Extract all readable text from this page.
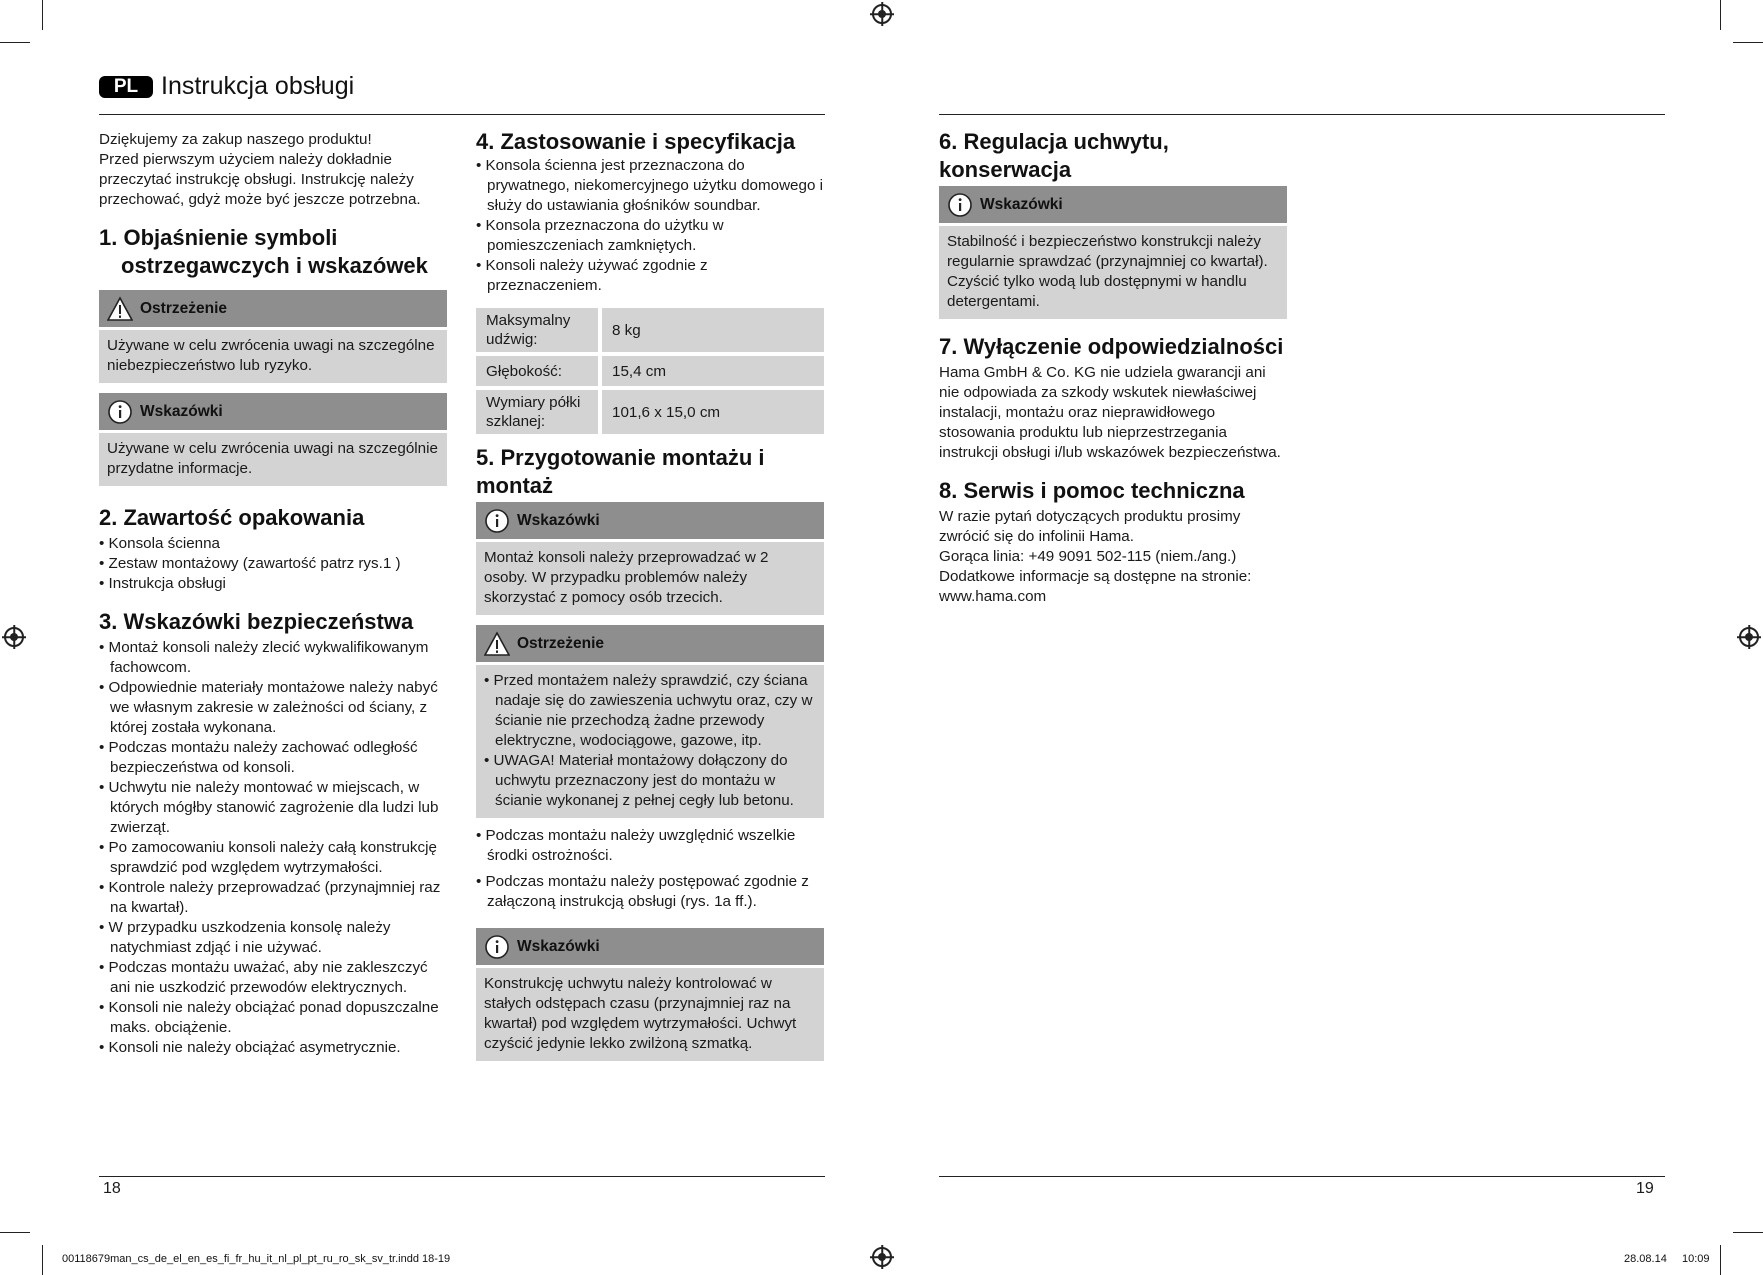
PL Instrukcja obsługi

Dziękujemy za zakup naszego produktu!

Przed pierwszym użyciem należy dokładnie przeczytać instrukcję obsługi. Instrukcję należy przechować, gdyż może być jeszcze potrzebna.

1. Objaśnienie symboli
ostrzegawczych i wskazówek
Ostrzeżenie
Używane w celu zwrócenia uwagi na szczególne niebezpieczeństwo lub ryzyko.
Wskazówki
Używane w celu zwrócenia uwagi na szczególnie przydatne informacje.
2. Zawartość opakowania
• Konsola ścienna
• Zestaw montażowy (zawartość patrz rys.1 )
• Instrukcja obsługi
3. Wskazówki bezpieczeństwa
• Montaż konsoli należy zlecić wykwalifikowanym fachowcom.
• Odpowiednie materiały montażowe należy nabyć we własnym zakresie w zależności od ściany, z której została wykonana.
• Podczas montażu należy zachować odległość bezpieczeństwa od konsoli.
• Uchwytu nie należy montować w miejscach, w których mógłby stanowić zagrożenie dla ludzi lub zwierząt.
• Po zamocowaniu konsoli należy całą konstrukcję sprawdzić pod względem wytrzymałości.
• Kontrole należy przeprowadzać (przynajmniej raz na kwartał).
• W przypadku uszkodzenia konsolę należy natychmiast zdjąć i nie używać.
• Podczas montażu uważać, aby nie zakleszczyć ani nie uszkodzić przewodów elektrycznych.
• Konsoli nie należy obciążać ponad dopuszczalne maks. obciążenie.
• Konsoli nie należy obciążać asymetrycznie.
4. Zastosowanie i specyfikacja
• Konsola ścienna jest przeznaczona do prywatnego, niekomercyjnego użytku domowego i służy do ustawiania głośników soundbar.
• Konsola przeznaczona do użytku w pomieszczeniach zamkniętych.
• Konsoli należy używać zgodnie z przeznaczeniem.
Maksymalny udźwig:	8 kg
Głębokość:	15,4 cm
Wymiary półki szklanej:	101,6 x 15,0 cm
5. Przygotowanie montażu i montaż
Wskazówki
Montaż konsoli należy przeprowadzać w 2 osoby. W przypadku problemów należy skorzystać z pomocy osób trzecich.
Ostrzeżenie
• Przed montażem należy sprawdzić, czy ściana nadaje się do zawieszenia uchwytu oraz, czy w ścianie nie przechodzą żadne przewody elektryczne, wodociągowe, gazowe, itp.
• UWAGA! Materiał montażowy dołączony do uchwytu przeznaczony jest do montażu w ścianie wykonanej z pełnej cegły lub betonu.
• Podczas montażu należy uwzględnić wszelkie środki ostrożności.
• Podczas montażu należy postępować zgodnie z załączoną instrukcją obsługi (rys. 1a ff.).
Wskazówki
Konstrukcję uchwytu należy kontrolować w stałych odstępach czasu (przynajmniej raz na kwartał) pod względem wytrzymałości. Uchwyt czyścić jedynie lekko zwilżoną szmatką.
6. Regulacja uchwytu, konserwacja
Wskazówki
Stabilność i bezpieczeństwo konstrukcji należy regularnie sprawdzać (przynajmniej co kwartał). Czyścić tylko wodą lub dostępnymi w handlu detergentami.
7. Wyłączenie odpowiedzialności

Hama GmbH & Co. KG nie udziela gwarancji ani nie odpowiada za szkody wskutek niewłaściwej instalacji, montażu oraz nieprawidłowego stosowania produktu lub nieprzestrzegania instrukcji obsługi i/lub wskazówek bezpieczeństwa.

8. Serwis i pomoc techniczna

W razie pytań dotyczących produktu prosimy zwrócić się do infolinii Hama.

Gorąca linia: +49 9091 502-115 (niem./ang.)

Dodatkowe informacje są dostępne na stronie:

www.hama.com

18	19
00118679man_cs_de_el_en_es_fi_fr_hu_it_nl_pl_pt_ru_ro_sk_sv_tr.indd 18-19	28.08.14 10:09
